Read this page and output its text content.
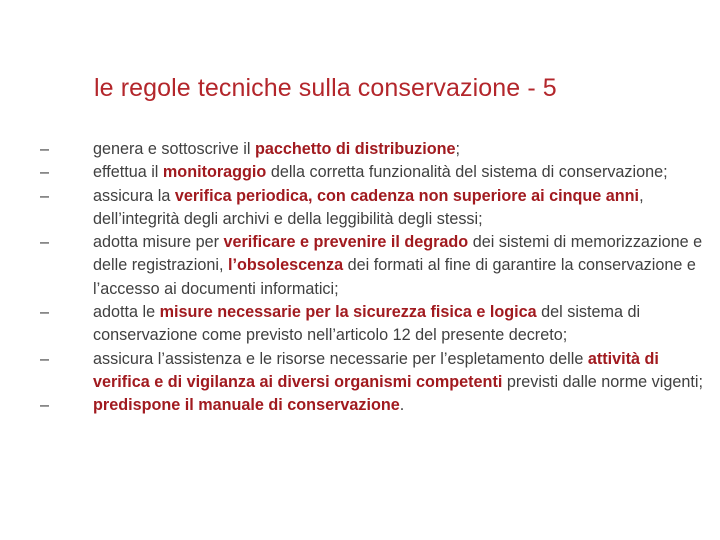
le regole tecniche sulla conservazione - 5
–	genera e sottoscrive il pacchetto di distribuzione;
–	effettua il monitoraggio della corretta funzionalità del sistema di conservazione;
–	assicura la verifica periodica, con cadenza non superiore ai cinque anni, dell’integrità degli archivi e della leggibilità degli stessi;
–	adotta misure per verificare e prevenire il degrado dei sistemi di memorizzazione e delle registrazioni, l’obsolescenza dei formati al fine di garantire la conservazione e l’accesso ai documenti informatici;
–	adotta le misure necessarie per la sicurezza fisica e logica del sistema di conservazione come previsto nell’articolo 12 del presente decreto;
–	assicura l’assistenza e le risorse necessarie per l’espletamento delle attività di verifica e di vigilanza ai diversi organismi competenti previsti dalle norme vigenti;
–	predispone il manuale di conservazione.
